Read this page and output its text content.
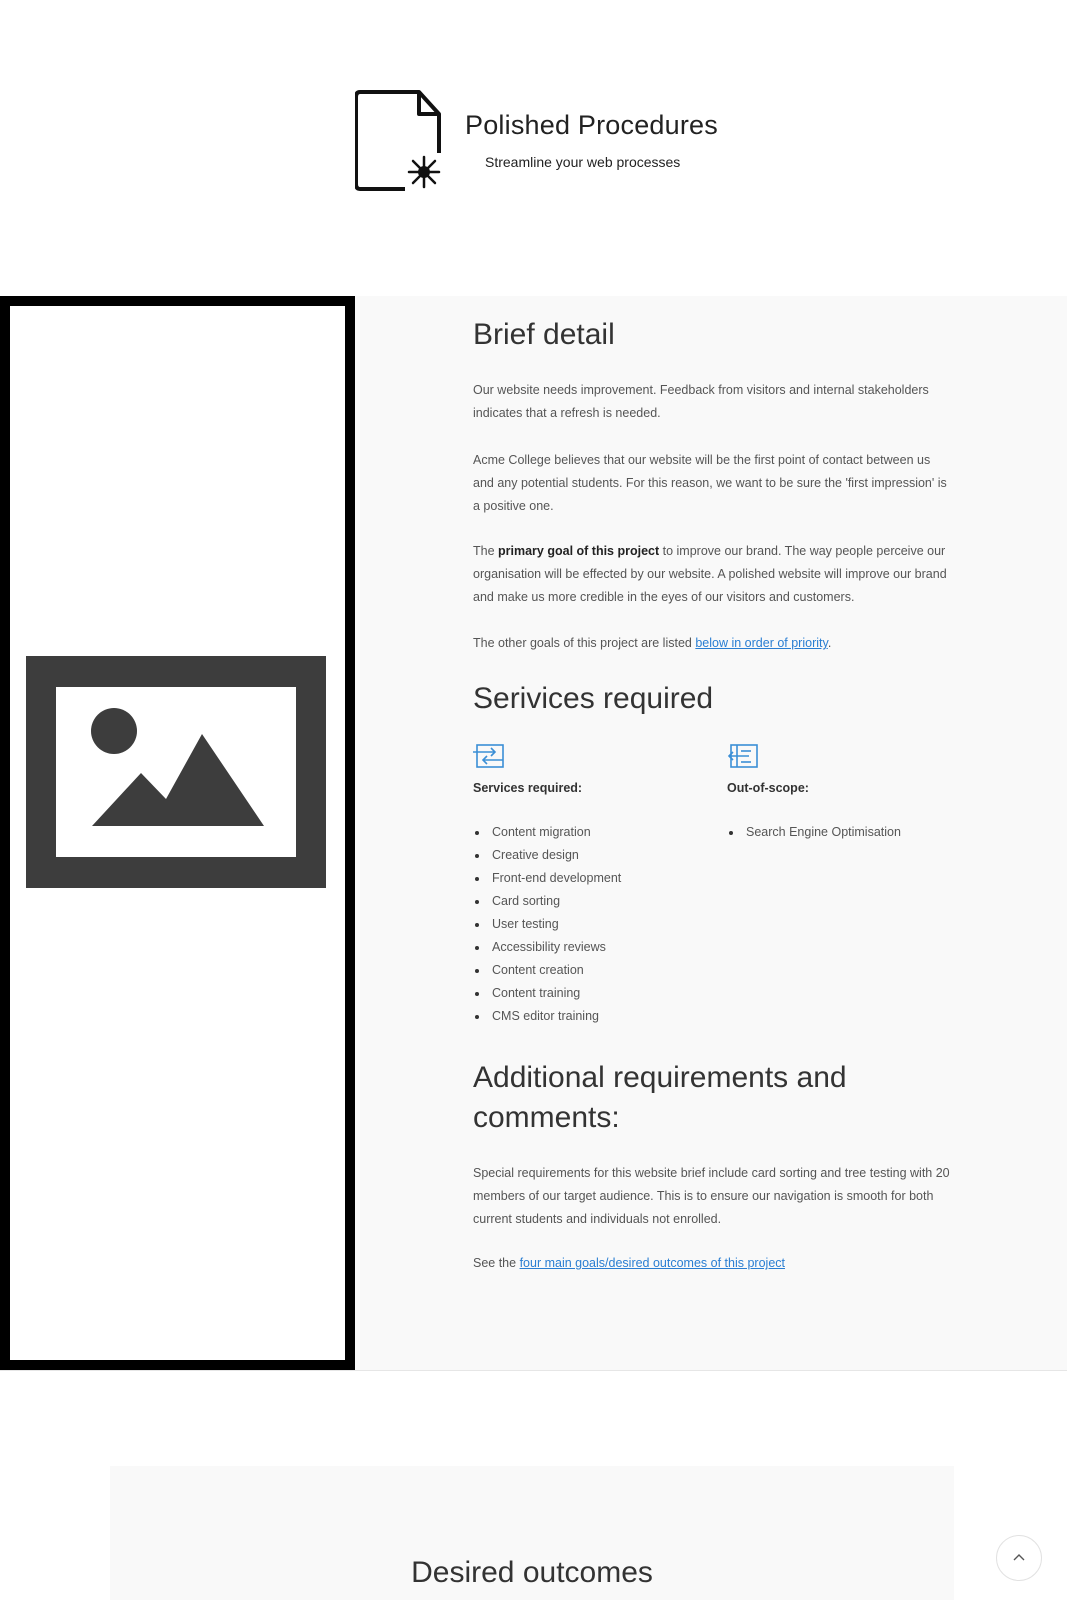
Polished Procedures
Streamline your web processes
Brief detail

Our website needs improvement. Feedback from visitors and internal stakeholders indicates that a refresh is needed.

Acme College believes that our website will be the first point of contact between us and any potential students. For this reason, we want to be sure the 'first impression' is a positive one.

The primary goal of this project to improve our brand. The way people perceive our organisation will be effected by our website. A polished website will improve our brand and make us more credible in the eyes of our visitors and customers.

The other goals of this project are listed below in order of priority.

Serivices required
Services required:
Content migration
Creative design
Front-end development
Card sorting
User testing
Accessibility reviews
Content creation
Content training
CMS editor training
Out-of-scope:
Search Engine Optimisation
Additional requirements and comments:

Special requirements for this website brief include card sorting and tree testing with 20 members of our target audience. This is to ensure our navigation is smooth for both current students and individuals not enrolled.

See the four main goals/desired outcomes of this project

Desired outcomes
